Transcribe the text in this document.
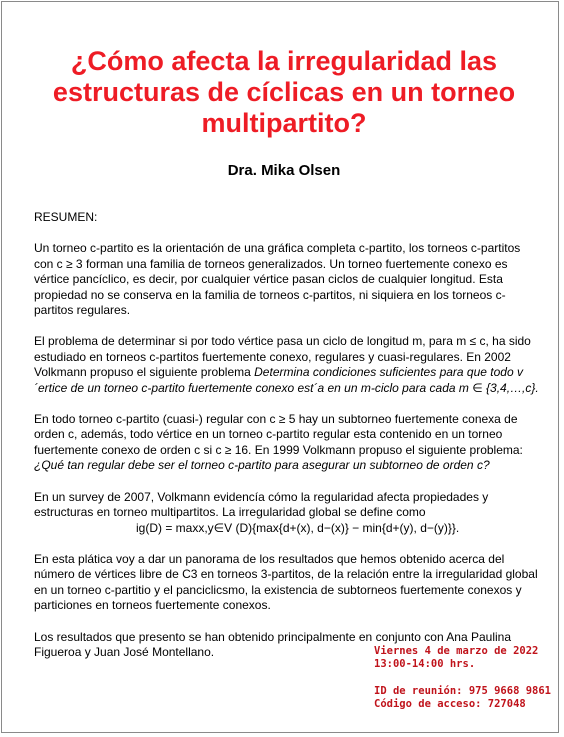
¿Cómo afecta la irregularidad las estructuras de cíclicas en un torneo multipartito?
Dra. Mika Olsen

RESUMEN:

Un torneo c-partito es la orientación de una gráfica completa c-partito, los torneos c-partitos con c ≥ 3 forman una familia de torneos generalizados. Un torneo fuertemente conexo es vértice pancíclico, es decir, por cualquier vértice pasan ciclos de cualquier longitud. Esta propiedad no se conserva en la familia de torneos c-partitos, ni siquiera en los torneos c-partitos regulares.

El problema de determinar si por todo vértice pasa un ciclo de longitud m, para m ≤ c, ha sido estudiado en torneos c-partitos fuertemente conexo, regulares y cuasi-regulares. En 2002 Volkmann propuso el siguiente problema Determina condiciones suficientes para que todo v´ertice de un torneo c-partito fuertemente conexo est´a en un m-ciclo para cada m ∈ {3,4,…,c}.

En todo torneo c-partito (cuasi-) regular con c ≥ 5 hay un subtorneo fuertemente conexa de orden c, además, todo vértice en un torneo c-partito regular esta contenido en un torneo fuertemente conexo de orden c si c ≥ 16. En 1999 Volkmann propuso el siguiente problema: ¿Qué tan regular debe ser el torneo c-partito para asegurar un subtorneo de orden c?

En un survey de 2007, Volkmann evidencía cómo la regularidad afecta propiedades y estructuras en torneo multipartitos. La irregularidad global se define como
ig(D) = maxx,y∈V (D){max{d+(x), d−(x)} − min{d+(y), d−(y)}}.

En esta plática voy a dar un panorama de los resultados que hemos obtenido acerca del número de vértices libre de C3 en torneos 3-partitos, de la relación entre la irregularidad global en un torneo c-partitio y el panciclicsmo, la existencia de subtorneos fuertemente conexos y particiones en torneos fuertemente conexos.

Los resultados que presento se han obtenido principalmente en conjunto con Ana Paulina Figueroa y Juan José Montellano.	Viernes 4 de marzo de 2022
13:00-14:00 hrs.
ID de reunión: 975 9668 9861
Código de acceso: 727048
